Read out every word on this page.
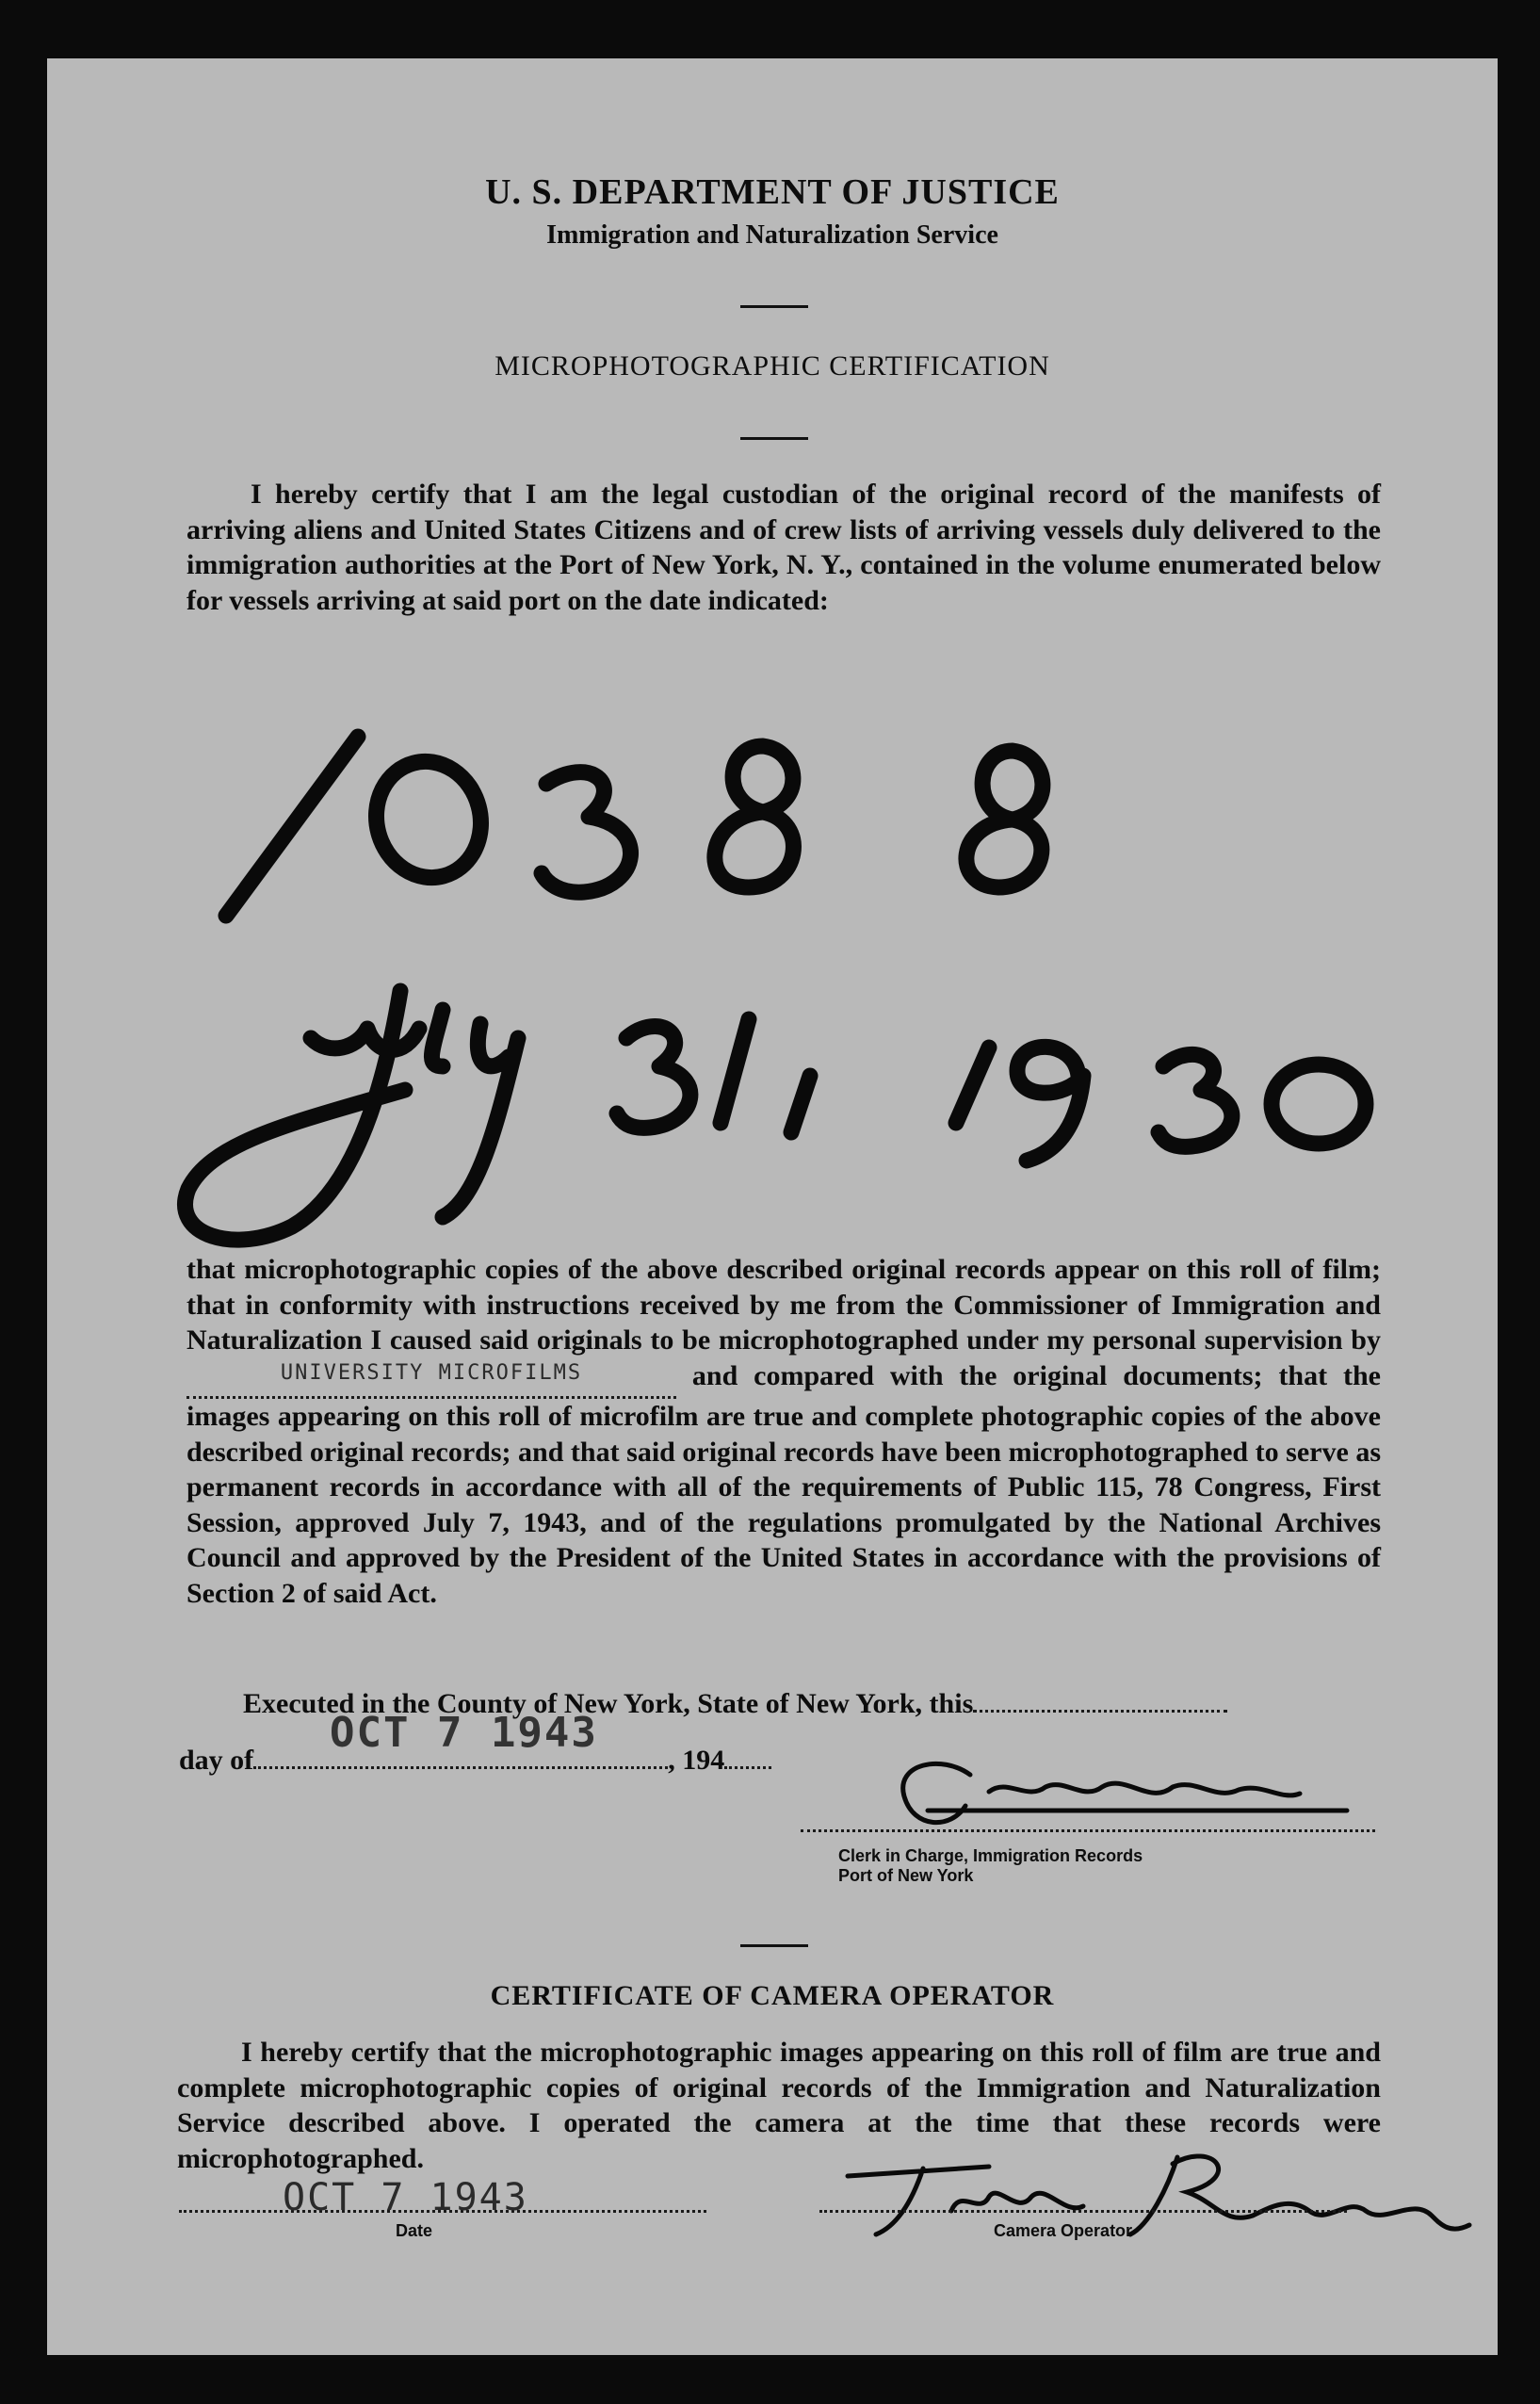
U. S. DEPARTMENT OF JUSTICE
Immigration and Naturalization Service
MICROPHOTOGRAPHIC CERTIFICATION

I hereby certify that I am the legal custodian of the original record of the manifests of arriving aliens and United States Citizens and of crew lists of arriving vessels duly delivered to the immigration authorities at the Port of New York, N. Y., contained in the volume enumerated below for vessels arriving at said port on the date indicated:

that microphotographic copies of the above described original records appear on this roll of film; that in conformity with instructions received by me from the Commissioner of Immigration and Naturalization I caused said originals to be microphotographed under my personal supervision by $^{UNIVERSITY MICROFILMS}$	and compared with the original documents; that the images appearing on this roll of microfilm are true and complete photographic copies of the above described original records; and that said original records have been microphotographed to serve as permanent records in accordance with all of the requirements of Public 115, 78 Congress, First Session, approved July 7, 1943, and of the regulations promulgated by the National Archives Council and approved by the President of the United States in accordance with the provisions of Section 2 of said Act.

Executed in the County of New York, State of New York, this
OCT 7 1943
day of	, 194
Clerk in Charge, Immigration Records
Port of New York
CERTIFICATE OF CAMERA OPERATOR

I hereby certify that the microphotographic images appearing on this roll of film are true and complete microphotographic copies of original records of the Immigration and Naturalization Service described above. I operated the camera at the time that these records were microphotographed.

OCT 7 1943
Date	Camera Operator
